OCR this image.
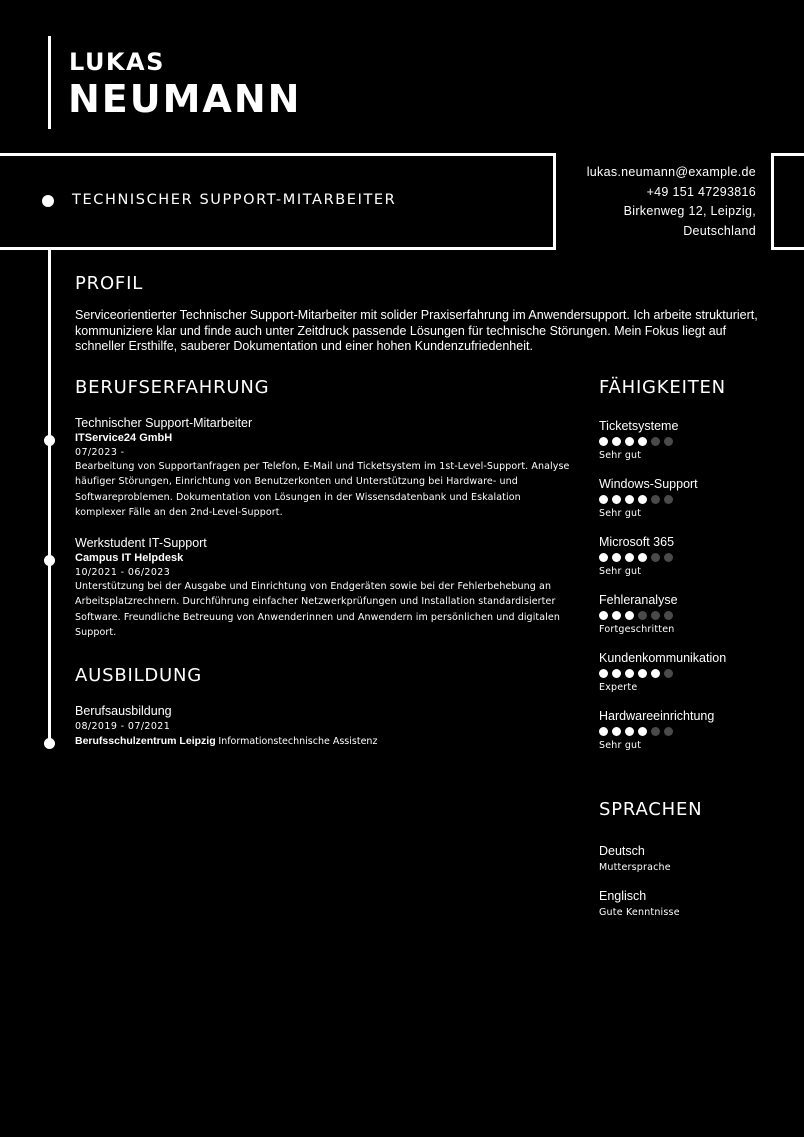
LUKAS
NEUMANN
TECHNISCHER SUPPORT-MITARBEITER
lukas.neumann@example.de
+49 151 47293816
Birkenweg 12, Leipzig,
Deutschland
PROFIL
Serviceorientierter Technischer Support-Mitarbeiter mit solider Praxiserfahrung im Anwendersupport. Ich arbeite strukturiert, kommuniziere klar und finde auch unter Zeitdruck passende Lösungen für technische Störungen. Mein Fokus liegt auf schneller Ersthilfe, sauberer Dokumentation und einer hohen Kundenzufriedenheit.
BERUFSERFAHRUNG
Technischer Support-Mitarbeiter
ITService24 GmbH
07/2023 -
Bearbeitung von Supportanfragen per Telefon, E-Mail und Ticketsystem im 1st-Level-Support. Analyse häufiger Störungen, Einrichtung von Benutzerkonten und Unterstützung bei Hardware- und Softwareproblemen. Dokumentation von Lösungen in der Wissensdatenbank und Eskalation komplexer Fälle an den 2nd-Level-Support.
Werkstudent IT-Support
Campus IT Helpdesk
10/2021 - 06/2023
Unterstützung bei der Ausgabe und Einrichtung von Endgeräten sowie bei der Fehlerbehebung an Arbeitsplatzrechnern. Durchführung einfacher Netzwerkprüfungen und Installation standardisierter Software. Freundliche Betreuung von Anwenderinnen und Anwendern im persönlichen und digitalen Support.
AUSBILDUNG
Berufsausbildung
08/2019 - 07/2021
Berufsschulzentrum Leipzig Informationstechnische Assistenz
FÄHIGKEITEN
Ticketsysteme
Sehr gut
Windows-Support
Sehr gut
Microsoft 365
Sehr gut
Fehleranalyse
Fortgeschritten
Kundenkommunikation
Experte
Hardwareeinrichtung
Sehr gut
SPRACHEN
Deutsch
Muttersprache
Englisch
Gute Kenntnisse
